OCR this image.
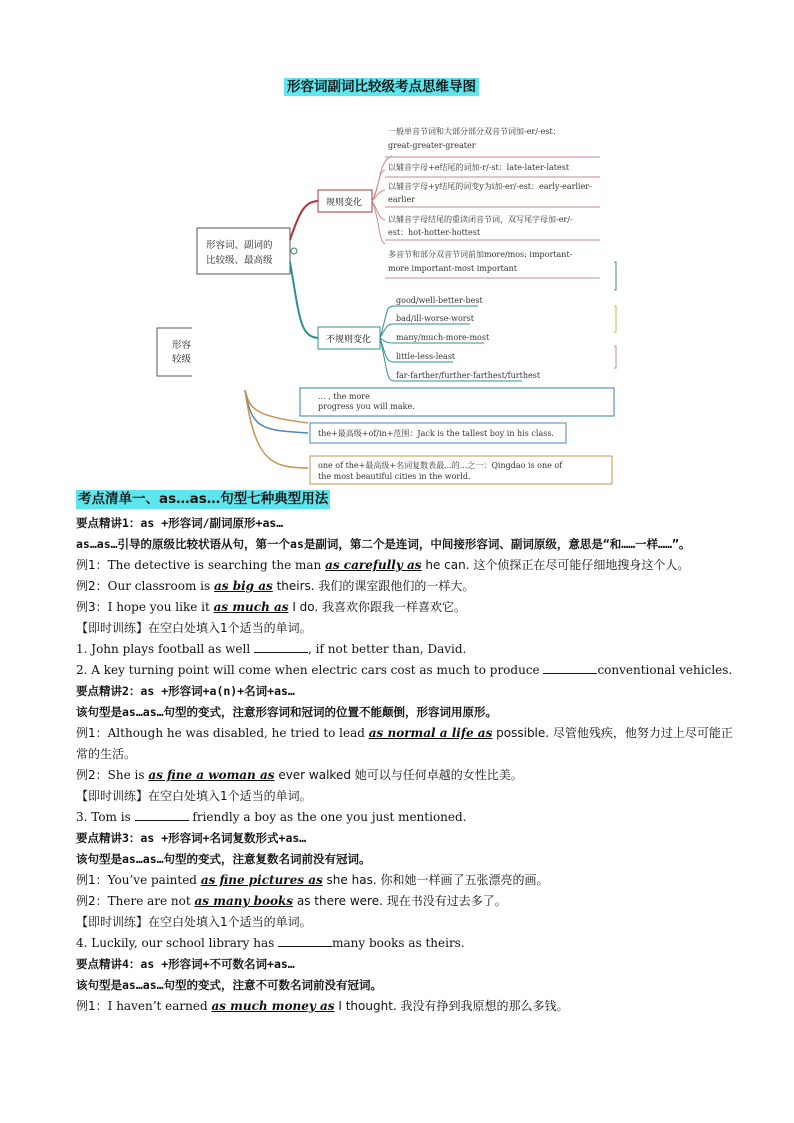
形容词副词比较级考点思维导图
... , the more
progress you will make.
形容
较级
the+最高级+of/in+范围：Jack is the tallest boy in his class.
one of the+最高级+名词复数表最...的...之一：Qingdao is one of
the most beautiful cities in the world.
形容词、副词的
比较级、最高级
规则变化
一般单音节词和大部分部分双音节词加-er/-est：
great-greater-greater
以辅音字母+e结尾的词加-r/-st：late-later-latest
以辅音字母+y结尾的词变y为i加-er/-est：early-earlier-
earlier
以辅音字母结尾的重读闭音节词，双写尾字母加-er/-
est：hot-hotter-hottest
多音节和部分双音节词前加more/mos: important-
more important-most important
不规则变化
good/well-better-best
bad/ill-worse-worst
many/much-more-most
little-less-least
far-farther/further-farthest/furthest
考点清单一、as…as…句型七种典型用法
要点精讲1：as +形容词/副词原形+as…
as…as…引导的原级比较状语从句，第一个as是副词，第二个是连词，中间接形容词、副词原级，意思是“和……一样……”。
例1：The detective is searching the man as carefully as he can. 这个侦探正在尽可能仔细地搜身这个人。
例2：Our classroom is as big as theirs. 我们的课室跟他们的一样大。
例3：I hope you like it as much as I do. 我喜欢你跟我一样喜欢它。
【即时训练】在空白处填入1个适当的单词。
1. John plays football as well	, if not better than, David.
2. A key turning point will come when electric cars cost as much to produce	conventional vehicles.
要点精讲2：as +形容词+a(n)+名词+as…
该句型是as…as…句型的变式，注意形容词和冠词的位置不能颠倒，形容词用原形。
例1：Although he was disabled, he tried to lead as normal a life as possible. 尽管他残疾，他努力过上尽可能正常的生活。
例2：She is as fine a woman as ever walked 她可以与任何卓越的女性比美。
【即时训练】在空白处填入1个适当的单词。
3. Tom is	friendly a boy as the one you just mentioned.
要点精讲3：as +形容词+名词复数形式+as…
该句型是as…as…句型的变式，注意复数名词前没有冠词。
例1：You’ve painted as fine pictures as she has. 你和她一样画了五张漂亮的画。
例2：There are not as many books as there were. 现在书没有过去多了。
【即时训练】在空白处填入1个适当的单词。
4. Luckily, our school library has	many books as theirs.
要点精讲4：as +形容词+不可数名词+as…
该句型是as…as…句型的变式，注意不可数名词前没有冠词。
例1：I haven’t earned as much money as I thought. 我没有挣到我原想的那么多钱。
